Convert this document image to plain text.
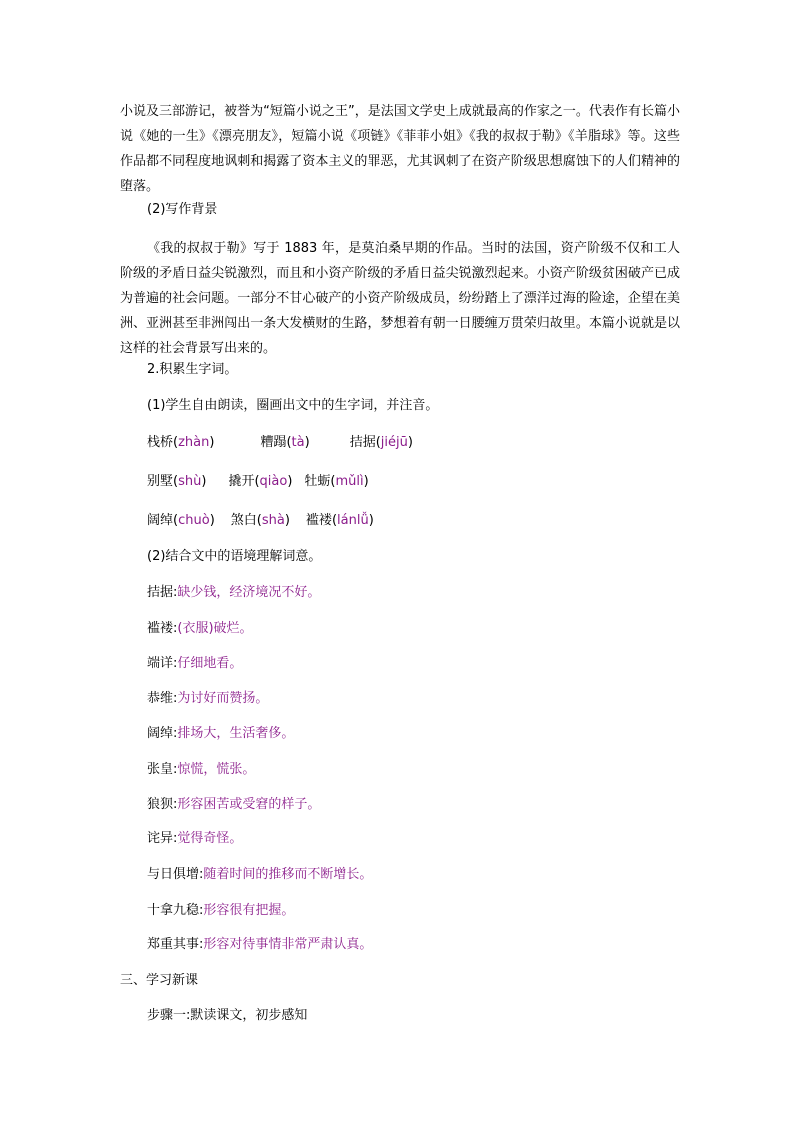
小说及三部游记，被誉为“短篇小说之王”，是法国文学史上成就最高的作家之一。代表作有长篇小说《她的一生》《漂亮朋友》，短篇小说《项链》《菲菲小姐》《我的叔叔于勒》《羊脂球》等。这些作品都不同程度地讽刺和揭露了资本主义的罪恶，尤其讽刺了在资产阶级思想腐蚀下的人们精神的堕落。

(2)写作背景

《我的叔叔于勒》写于 1883 年，是莫泊桑早期的作品。当时的法国，资产阶级不仅和工人阶级的矛盾日益尖锐激烈，而且和小资产阶级的矛盾日益尖锐激烈起来。小资产阶级贫困破产已成为普遍的社会问题。一部分不甘心破产的小资产阶级成员，纷纷踏上了漂洋过海的险途，企望在美洲、亚洲甚至非洲闯出一条大发横财的生路，梦想着有朝一日腰缠万贯荣归故里。本篇小说就是以这样的社会背景写出来的。

2.积累生字词。

(1)学生自由朗读，圈画出文中的生字词，并注音。

栈桥(zhàn)	糟蹋(tà)	拮据(jiéjū)
别墅(shù) 撬开(qiào) 牡蛎(mǔlì)
阔绰(chuò) 煞白(shà) 褴褛(lánlǚ)

(2)结合文中的语境理解词意。

拮据:缺少钱，经济境况不好。
褴褛:(衣服)破烂。
端详:仔细地看。
恭维:为讨好而赞扬。
阔绰:排场大，生活奢侈。
张皇:惊慌，慌张。
狼狈:形容困苦或受窘的样子。
诧异:觉得奇怪。
与日俱增:随着时间的推移而不断增长。
十拿九稳:形容很有把握。
郑重其事:形容对待事情非常严肃认真。

三、学习新课

步骤一:默读课文，初步感知
